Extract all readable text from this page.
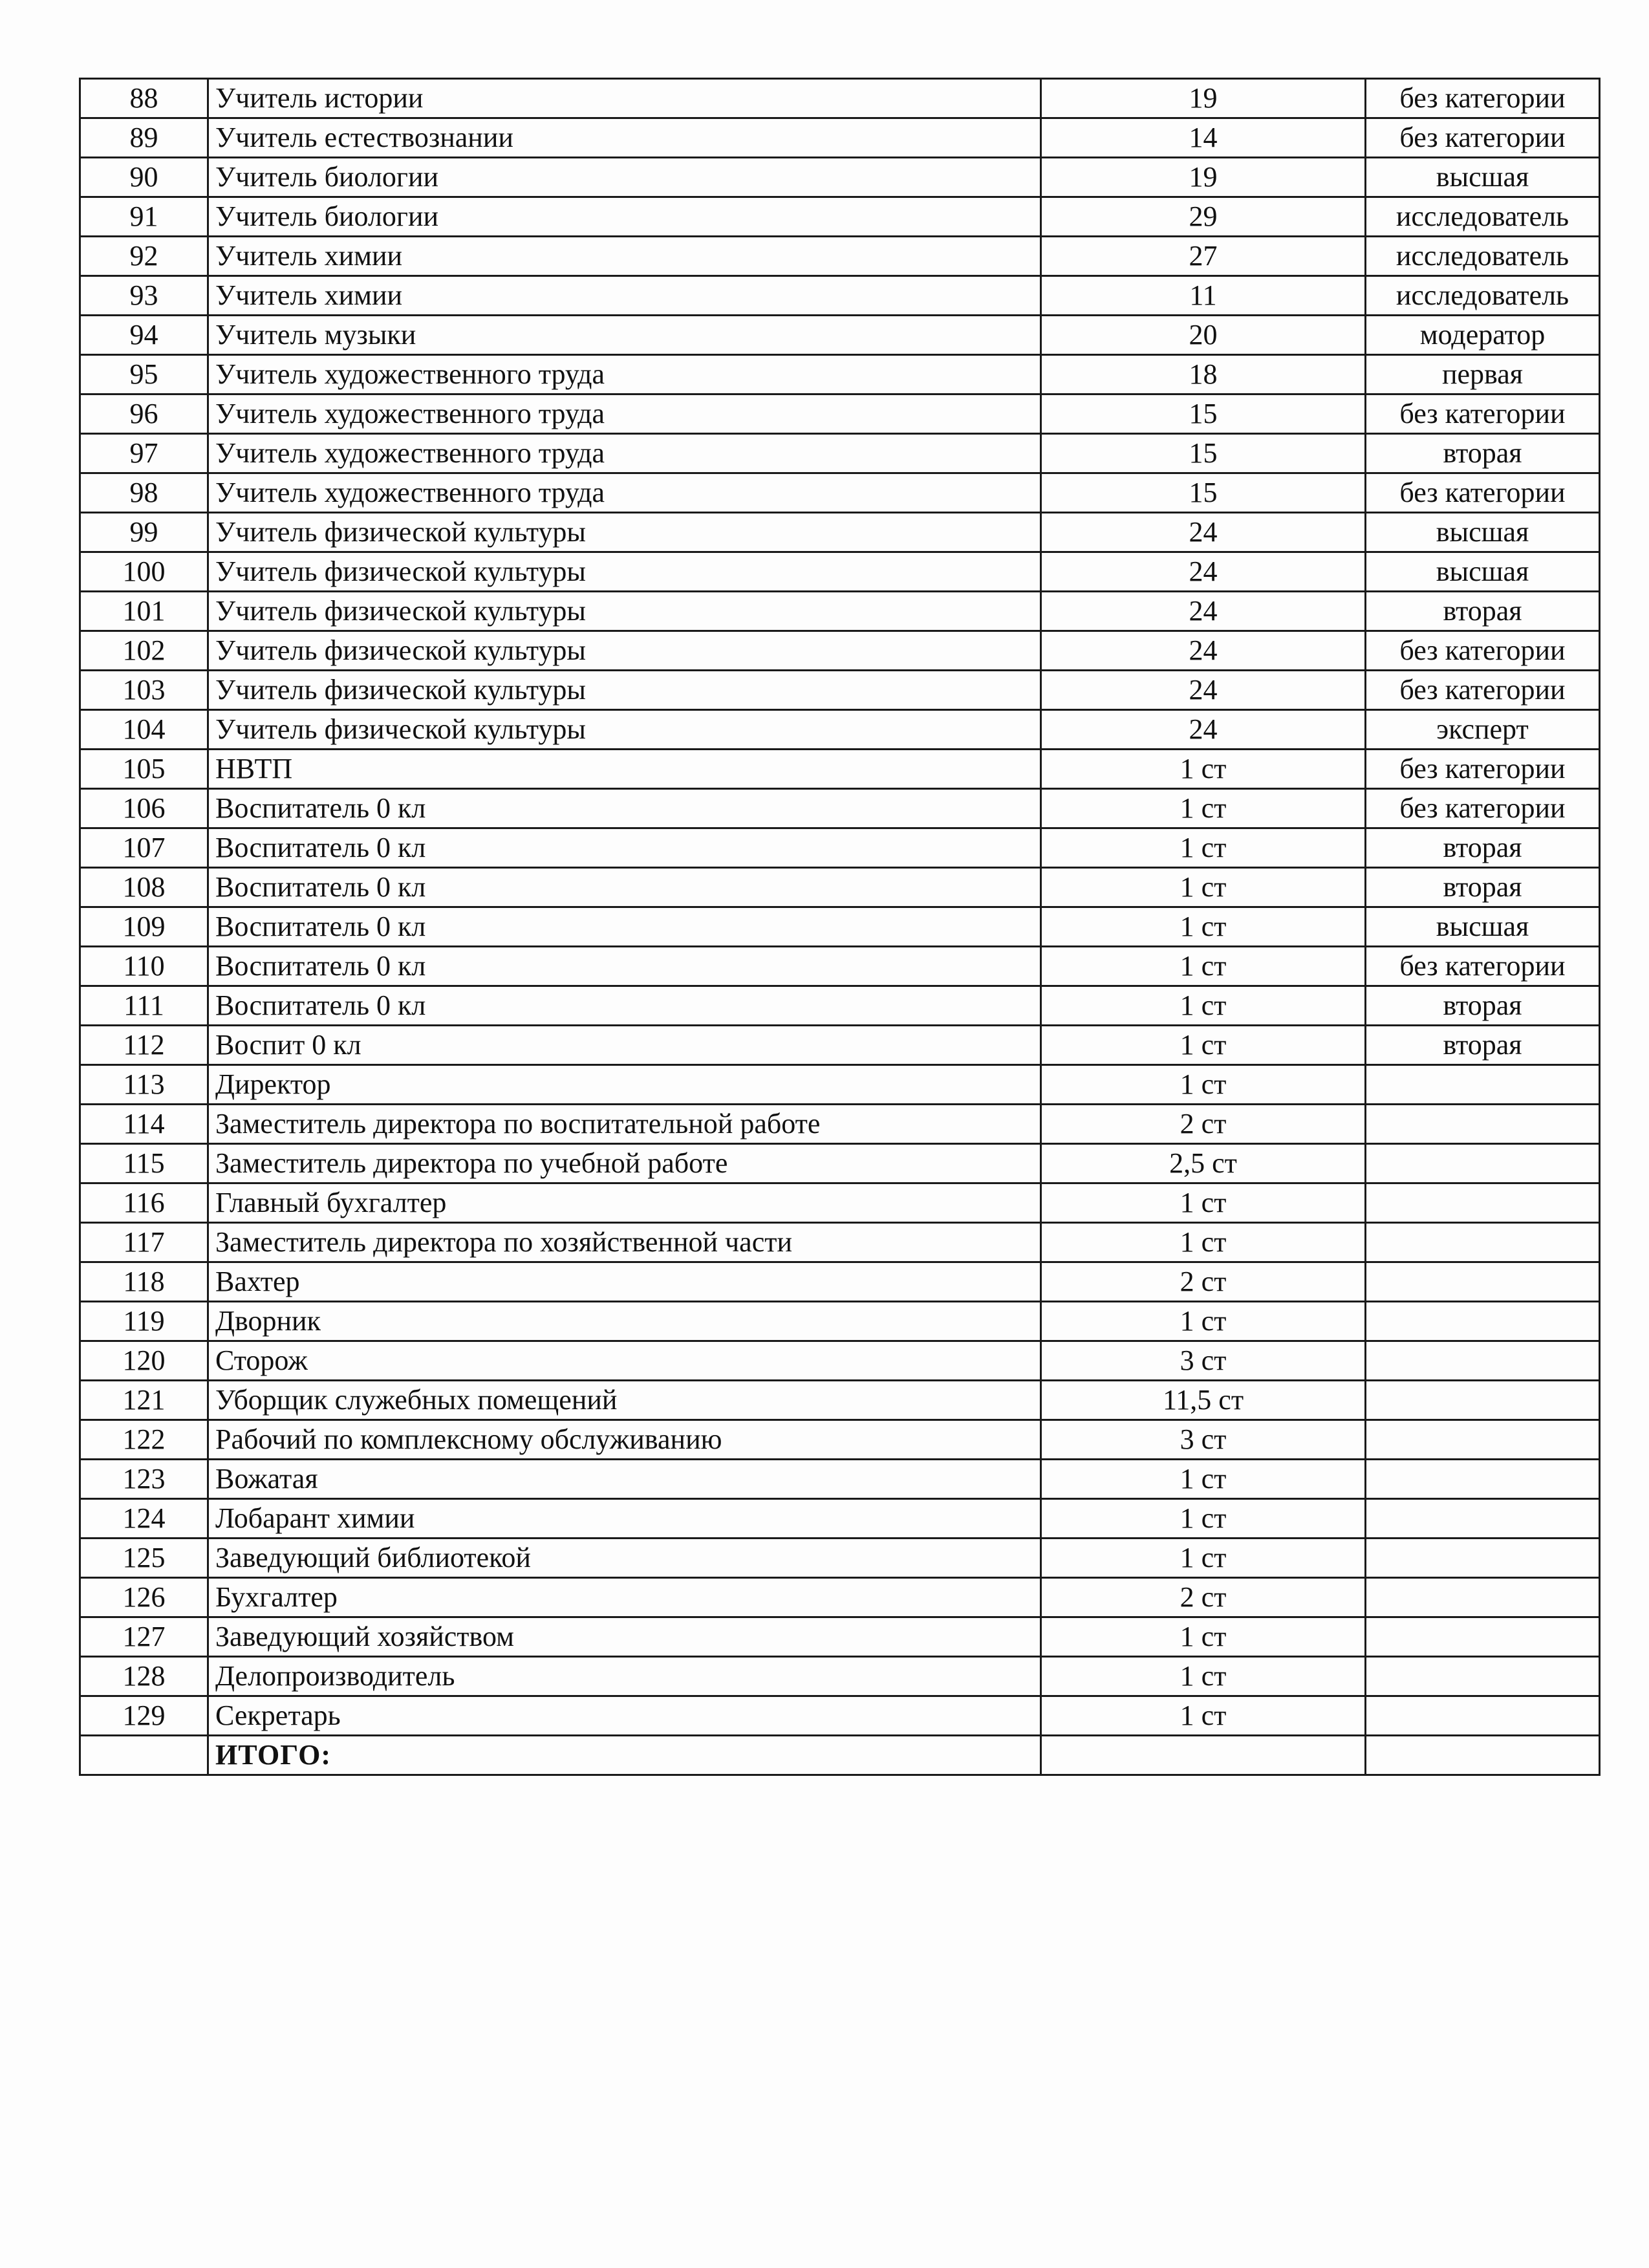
88	Учитель истории	19	без категории
89	Учитель естествознании	14	без категории
90	Учитель биологии	19	высшая
91	Учитель биологии	29	исследователь
92	Учитель химии	27	исследователь
93	Учитель химии	11	исследователь
94	Учитель музыки	20	модератор
95	Учитель художественного труда	18	первая
96	Учитель художественного труда	15	без категории
97	Учитель художественного труда	15	вторая
98	Учитель художественного труда	15	без категории
99	Учитель физической культуры	24	высшая
100	Учитель физической культуры	24	высшая
101	Учитель физической культуры	24	вторая
102	Учитель физической культуры	24	без категории
103	Учитель физической культуры	24	без категории
104	Учитель физической культуры	24	эксперт
105	НВТП	1 ст	без категории
106	Воспитатель 0 кл	1 ст	без категории
107	Воспитатель 0 кл	1 ст	вторая
108	Воспитатель 0 кл	1 ст	вторая
109	Воспитатель 0 кл	1 ст	высшая
110	Воспитатель 0 кл	1 ст	без категории
111	Воспитатель 0 кл	1 ст	вторая
112	Воспит 0 кл	1 ст	вторая
113	Директор	1 ст	
114	Заместитель директора по воспитательной работе	2 ст	
115	Заместитель директора по учебной работе	2,5 ст	
116	Главный бухгалтер	1 ст	
117	Заместитель директора по хозяйственной части	1 ст	
118	Вахтер	2 ст	
119	Дворник	1 ст	
120	Сторож	3 ст	
121	Уборщик служебных помещений	11,5 ст	
122	Рабочий по комплексному обслуживанию	3 ст	
123	Вожатая	1 ст	
124	Лобарант химии	1 ст	
125	Заведующий библиотекой	1 ст	
126	Бухгалтер	2 ст	
127	Заведующий хозяйством	1 ст	
128	Делопроизводитель	1 ст	
129	Секретарь	1 ст	
	ИТОГО:		
